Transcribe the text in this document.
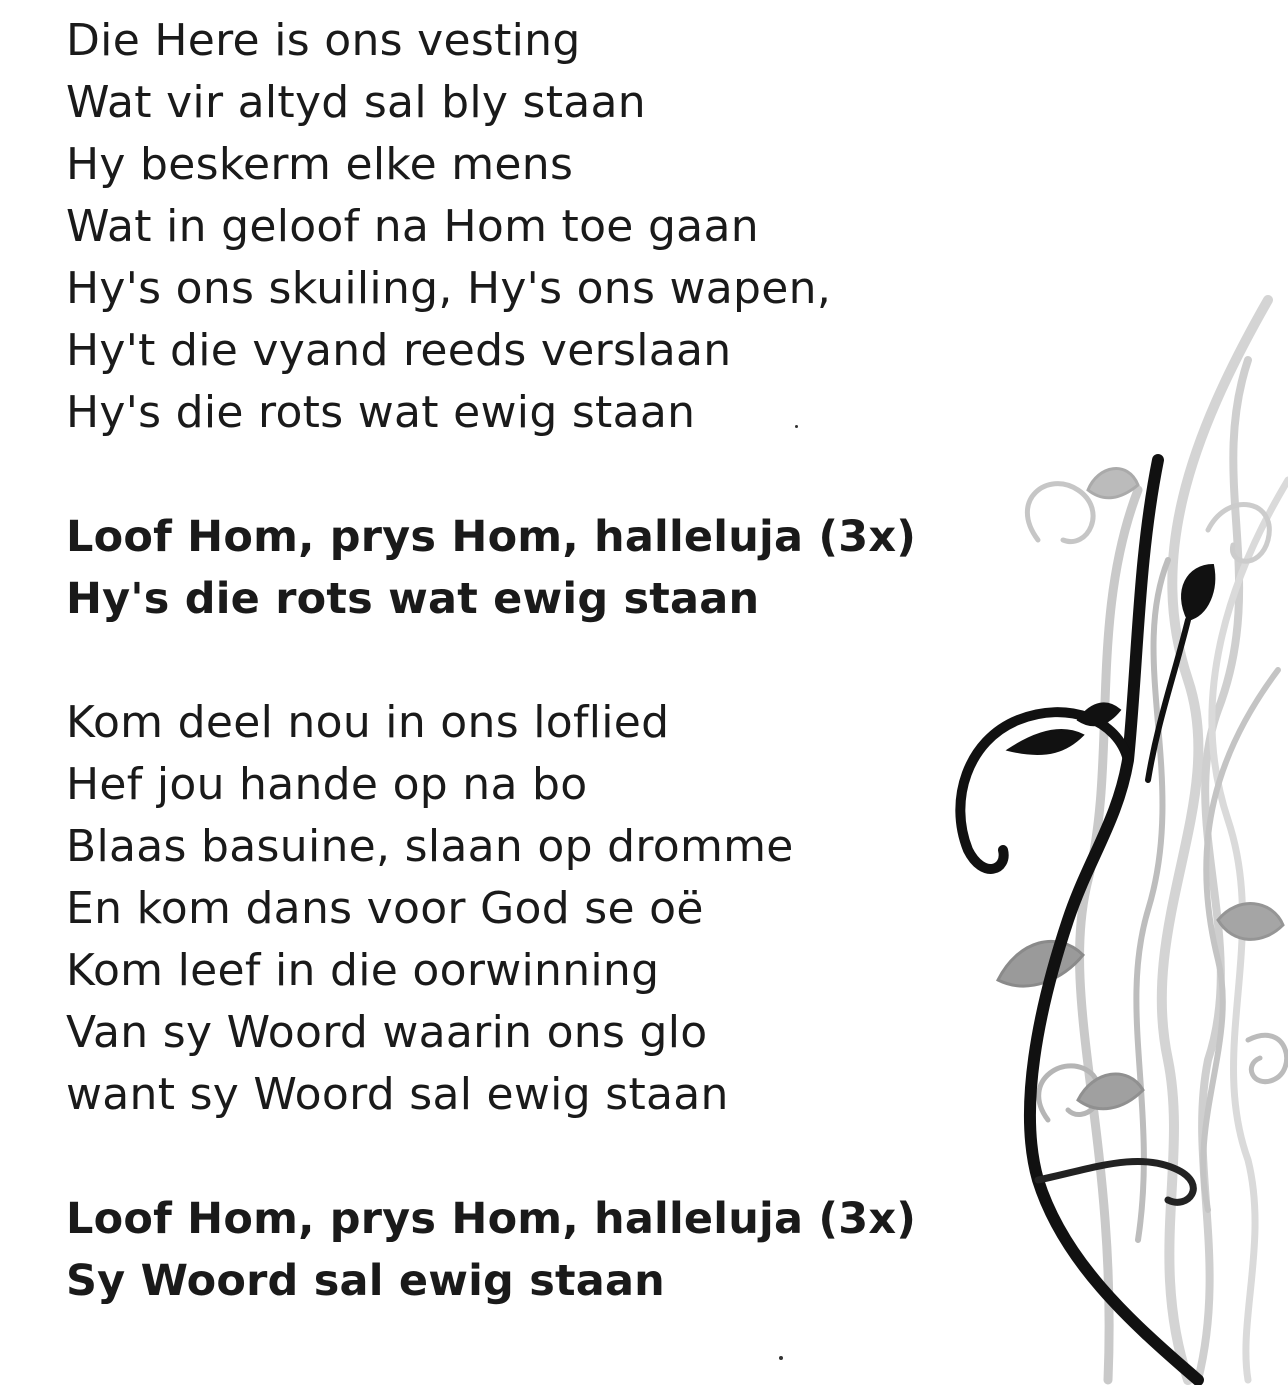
Die Here is ons vesting
Wat vir altyd sal bly staan
Hy beskerm elke mens
Wat in geloof na Hom toe gaan
Hy's ons skuiling, Hy's ons wapen,
Hy't die vyand reeds verslaan
Hy's die rots wat ewig staan
Loof Hom, prys Hom, halleluja (3x)
Hy's die rots wat ewig staan
Kom deel nou in ons loflied
Hef jou hande op na bo
Blaas basuine, slaan op dromme
En kom dans voor God se oë
Kom leef in die oorwinning
Van sy Woord waarin ons glo
want sy Woord sal ewig staan
Loof Hom, prys Hom, halleluja (3x)
Sy Woord sal ewig staan
